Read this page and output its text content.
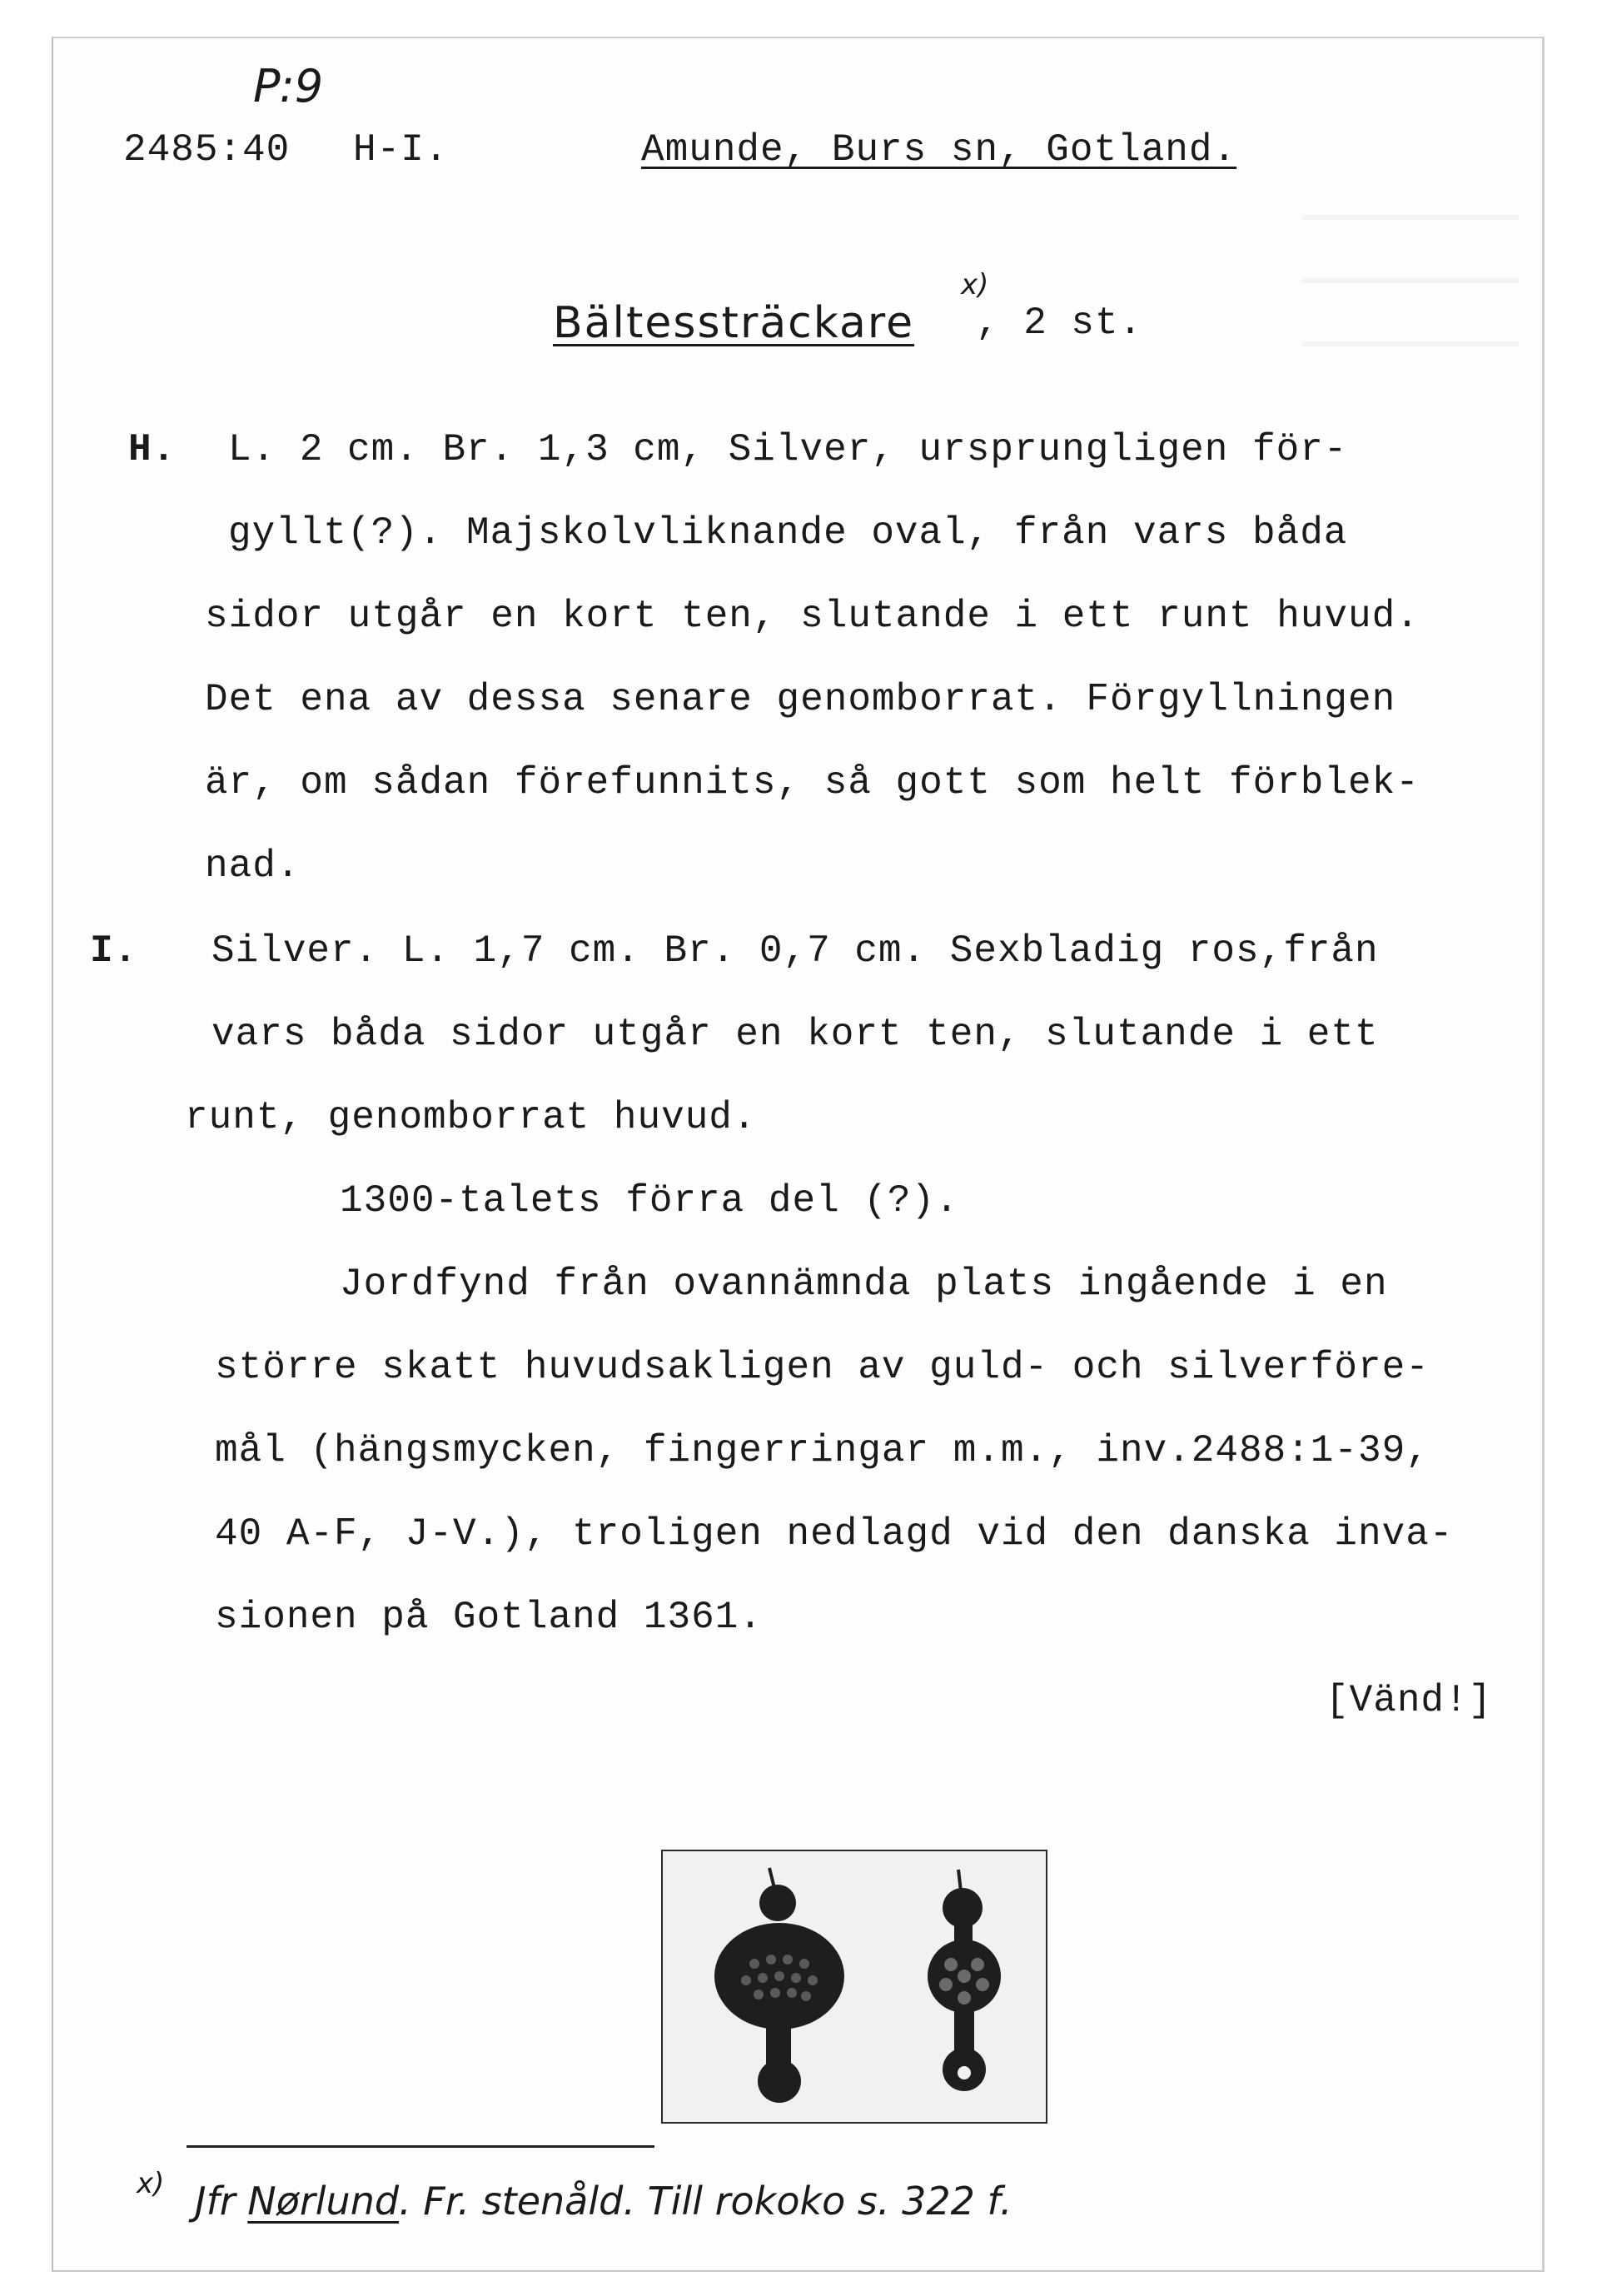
P:9
2485:40 H-I.	Amunde, Burs sn, Gotland.
Bältessträckare
x)
, 2 st.
H. L. 2 cm. Br. 1,3 cm, Silver, ursprungligen för-
gyllt(?). Majskolvliknande oval, från vars båda
sidor utgår en kort ten, slutande i ett runt huvud.
Det ena av dessa senare genomborrat. Förgyllningen
är, om sådan förefunnits, så gott som helt förblek-
nad.
I. Silver. L. 1,7 cm. Br. 0,7 cm. Sexbladig ros,från
vars båda sidor utgår en kort ten, slutande i ett
runt, genomborrat huvud.
1300-talets förra del (?).
Jordfynd från ovannämnda plats ingående i en
större skatt huvudsakligen av guld- och silverföre-
mål (hängsmycken, fingerringar m.m., inv.2488:1-39,
40 A-F, J-V.), troligen nedlagd vid den danska inva-
sionen på Gotland 1361.
[Vänd!]
x) Jfr Nørlund. Fr. stenåld. Till rokoko s. 322 f.
